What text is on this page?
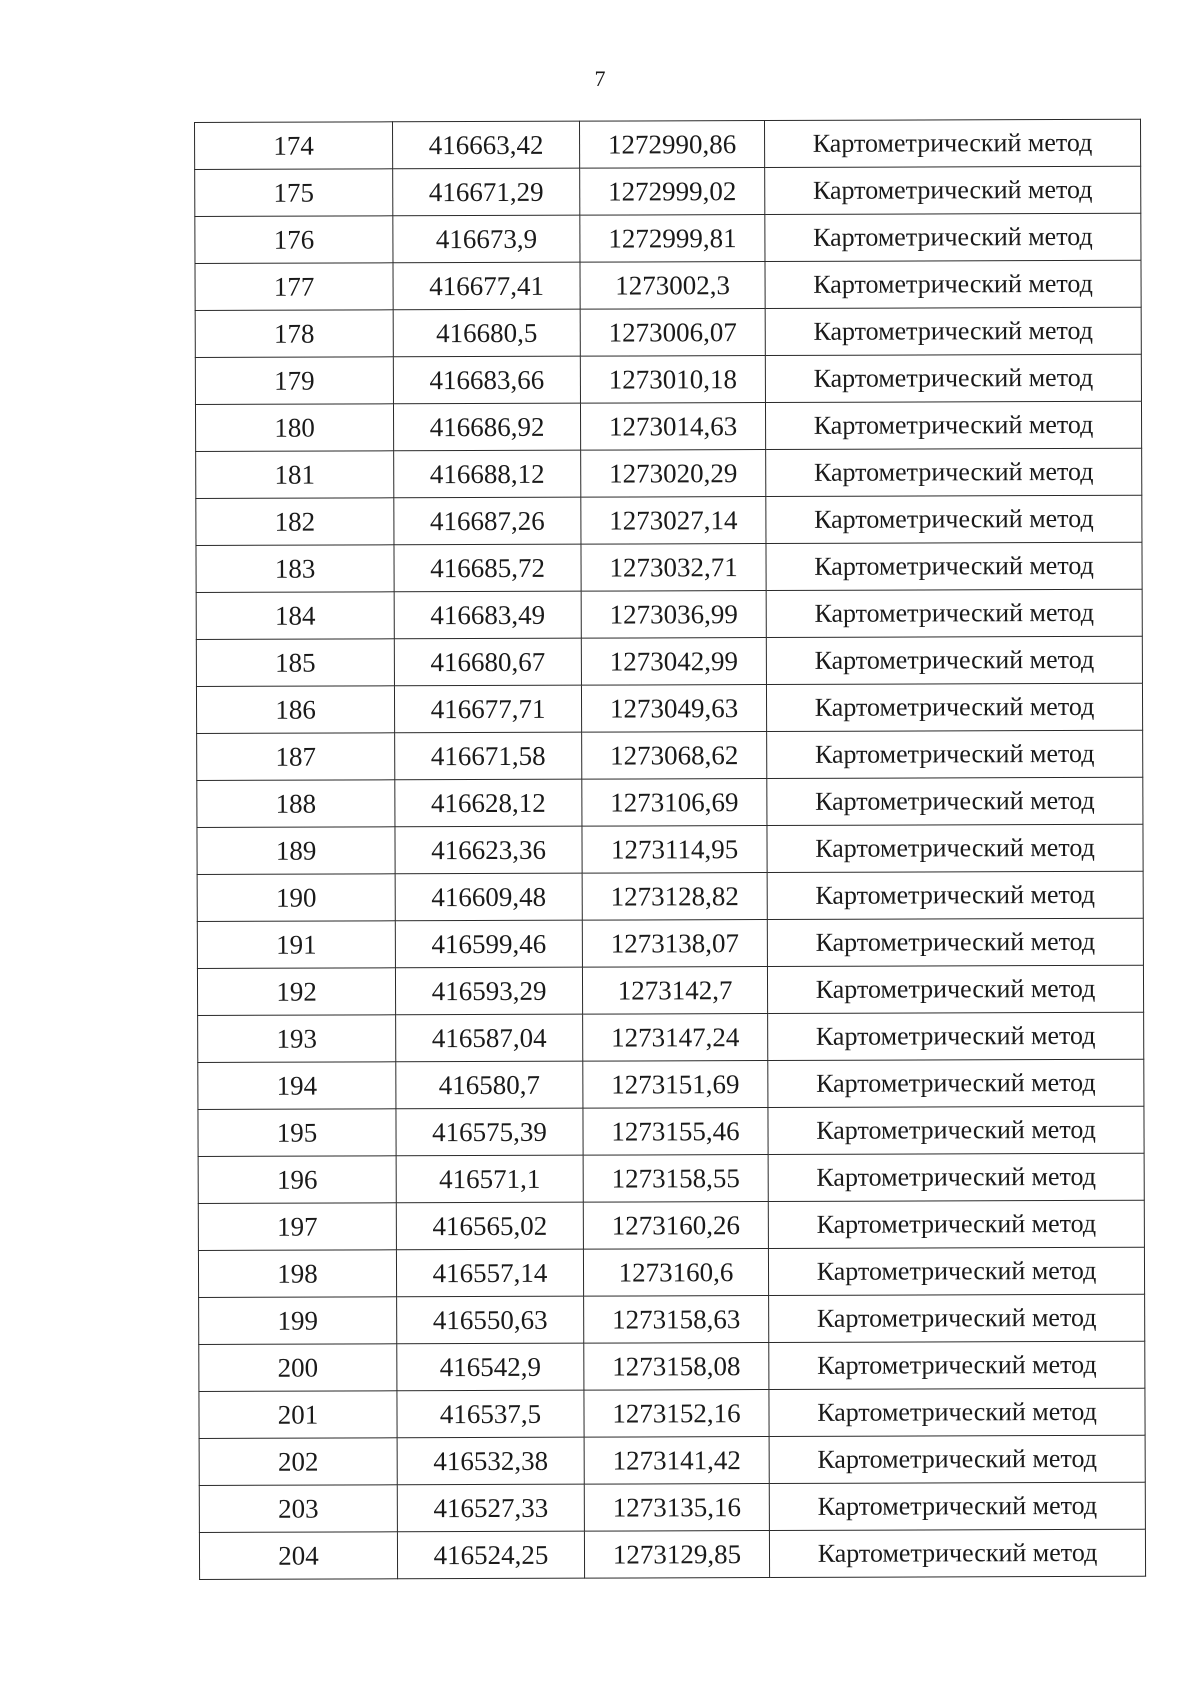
7
174	416663,42	1272990,86	Картометрический метод
175	416671,29	1272999,02	Картометрический метод
176	416673,9	1272999,81	Картометрический метод
177	416677,41	1273002,3	Картометрический метод
178	416680,5	1273006,07	Картометрический метод
179	416683,66	1273010,18	Картометрический метод
180	416686,92	1273014,63	Картометрический метод
181	416688,12	1273020,29	Картометрический метод
182	416687,26	1273027,14	Картометрический метод
183	416685,72	1273032,71	Картометрический метод
184	416683,49	1273036,99	Картометрический метод
185	416680,67	1273042,99	Картометрический метод
186	416677,71	1273049,63	Картометрический метод
187	416671,58	1273068,62	Картометрический метод
188	416628,12	1273106,69	Картометрический метод
189	416623,36	1273114,95	Картометрический метод
190	416609,48	1273128,82	Картометрический метод
191	416599,46	1273138,07	Картометрический метод
192	416593,29	1273142,7	Картометрический метод
193	416587,04	1273147,24	Картометрический метод
194	416580,7	1273151,69	Картометрический метод
195	416575,39	1273155,46	Картометрический метод
196	416571,1	1273158,55	Картометрический метод
197	416565,02	1273160,26	Картометрический метод
198	416557,14	1273160,6	Картометрический метод
199	416550,63	1273158,63	Картометрический метод
200	416542,9	1273158,08	Картометрический метод
201	416537,5	1273152,16	Картометрический метод
202	416532,38	1273141,42	Картометрический метод
203	416527,33	1273135,16	Картометрический метод
204	416524,25	1273129,85	Картометрический метод
